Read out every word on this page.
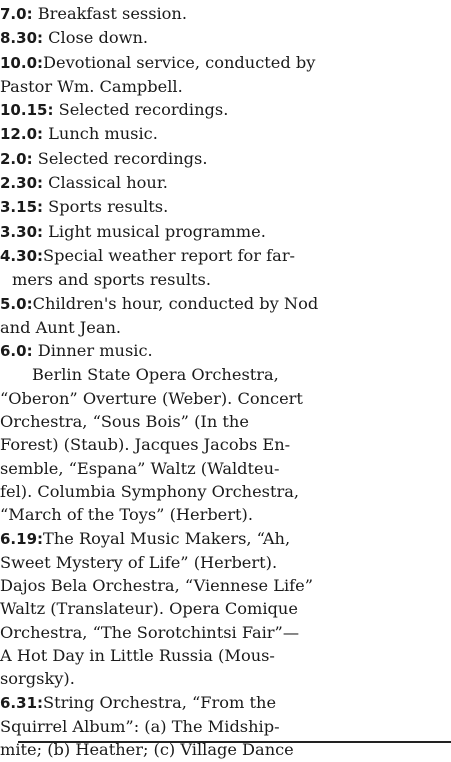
7.0: Breakfast session.
8.30: Close down.
10.0:Devotional service, conducted by
Pastor Wm. Campbell.
10.15: Selected recordings.
12.0: Lunch music.
2.0: Selected recordings.
2.30: Classical hour.
3.15: Sports results.
3.30: Light musical programme.
4.30:Special weather report for far-
mers and sports results.
5.0:Children's hour, conducted by Nod
and Aunt Jean.
6.0: Dinner music.
Berlin State Opera Orchestra,
“Oberon” Overture (Weber). Concert
Orchestra, “Sous Bois” (In the
Forest) (Staub). Jacques Jacobs En-
semble, “Espana” Waltz (Waldteu-
fel). Columbia Symphony Orchestra,
“March of the Toys” (Herbert).
6.19:The Royal Music Makers, “Ah,
Sweet Mystery of Life” (Herbert).
Dajos Bela Orchestra, “Viennese Life”
Waltz (Translateur). Opera Comique
Orchestra, “The Sorotchintsi Fair”—
A Hot Day in Little Russia (Mous-
sorgsky).
6.31:String Orchestra, “From the
Squirrel Album”: (a) The Midship-
mite; (b) Heather; (c) Village Dance
